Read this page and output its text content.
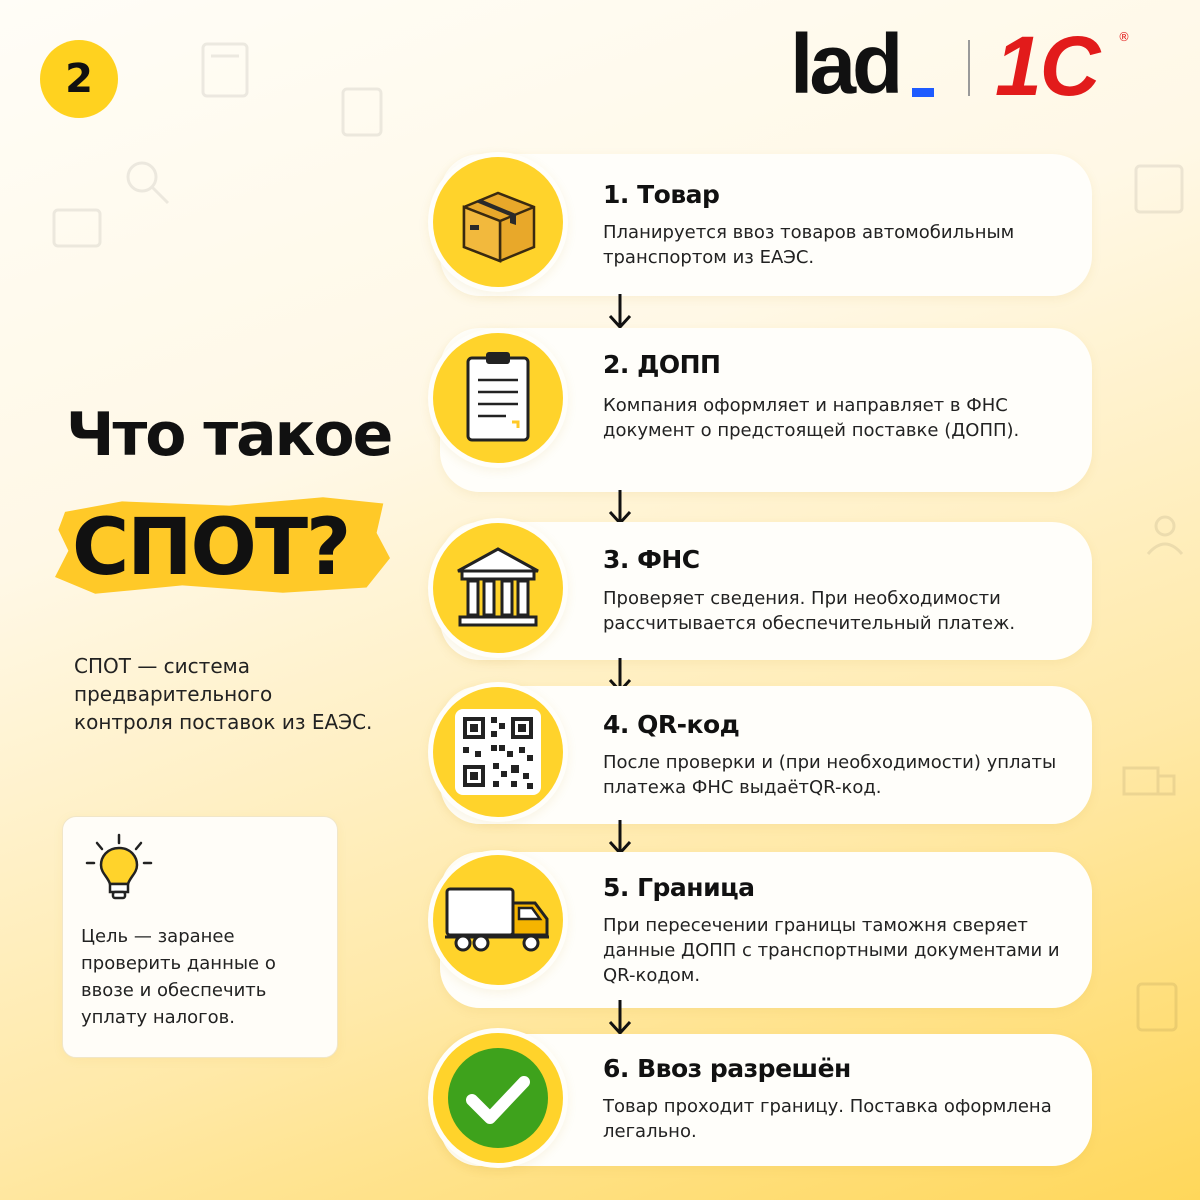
2	lad 1С ®
Что такое
СПОТ?
СПОТ — система предварительного контроля поставок из ЕАЭС.
Цель — заранее проверить данные о ввозе и обеспечить уплату налогов.
1. Товар
Планируется ввоз товаров автомобильным транспортом из ЕАЭС.
2. ДОПП
Компания оформляет и направляет в ФНС документ о предстоящей поставке (ДОПП).
3. ФНС
Проверяет сведения. При необходимости рассчитывается обеспечительный платеж.
4. QR-код
После проверки и (при необходимости) уплаты платежа ФНС выдаётQR-код.
5. Граница
При пересечении границы таможня сверяет данные ДОПП с транспортными документами и QR-кодом.
6. Ввоз разрешён
Товар проходит границу. Поставка оформлена легально.
